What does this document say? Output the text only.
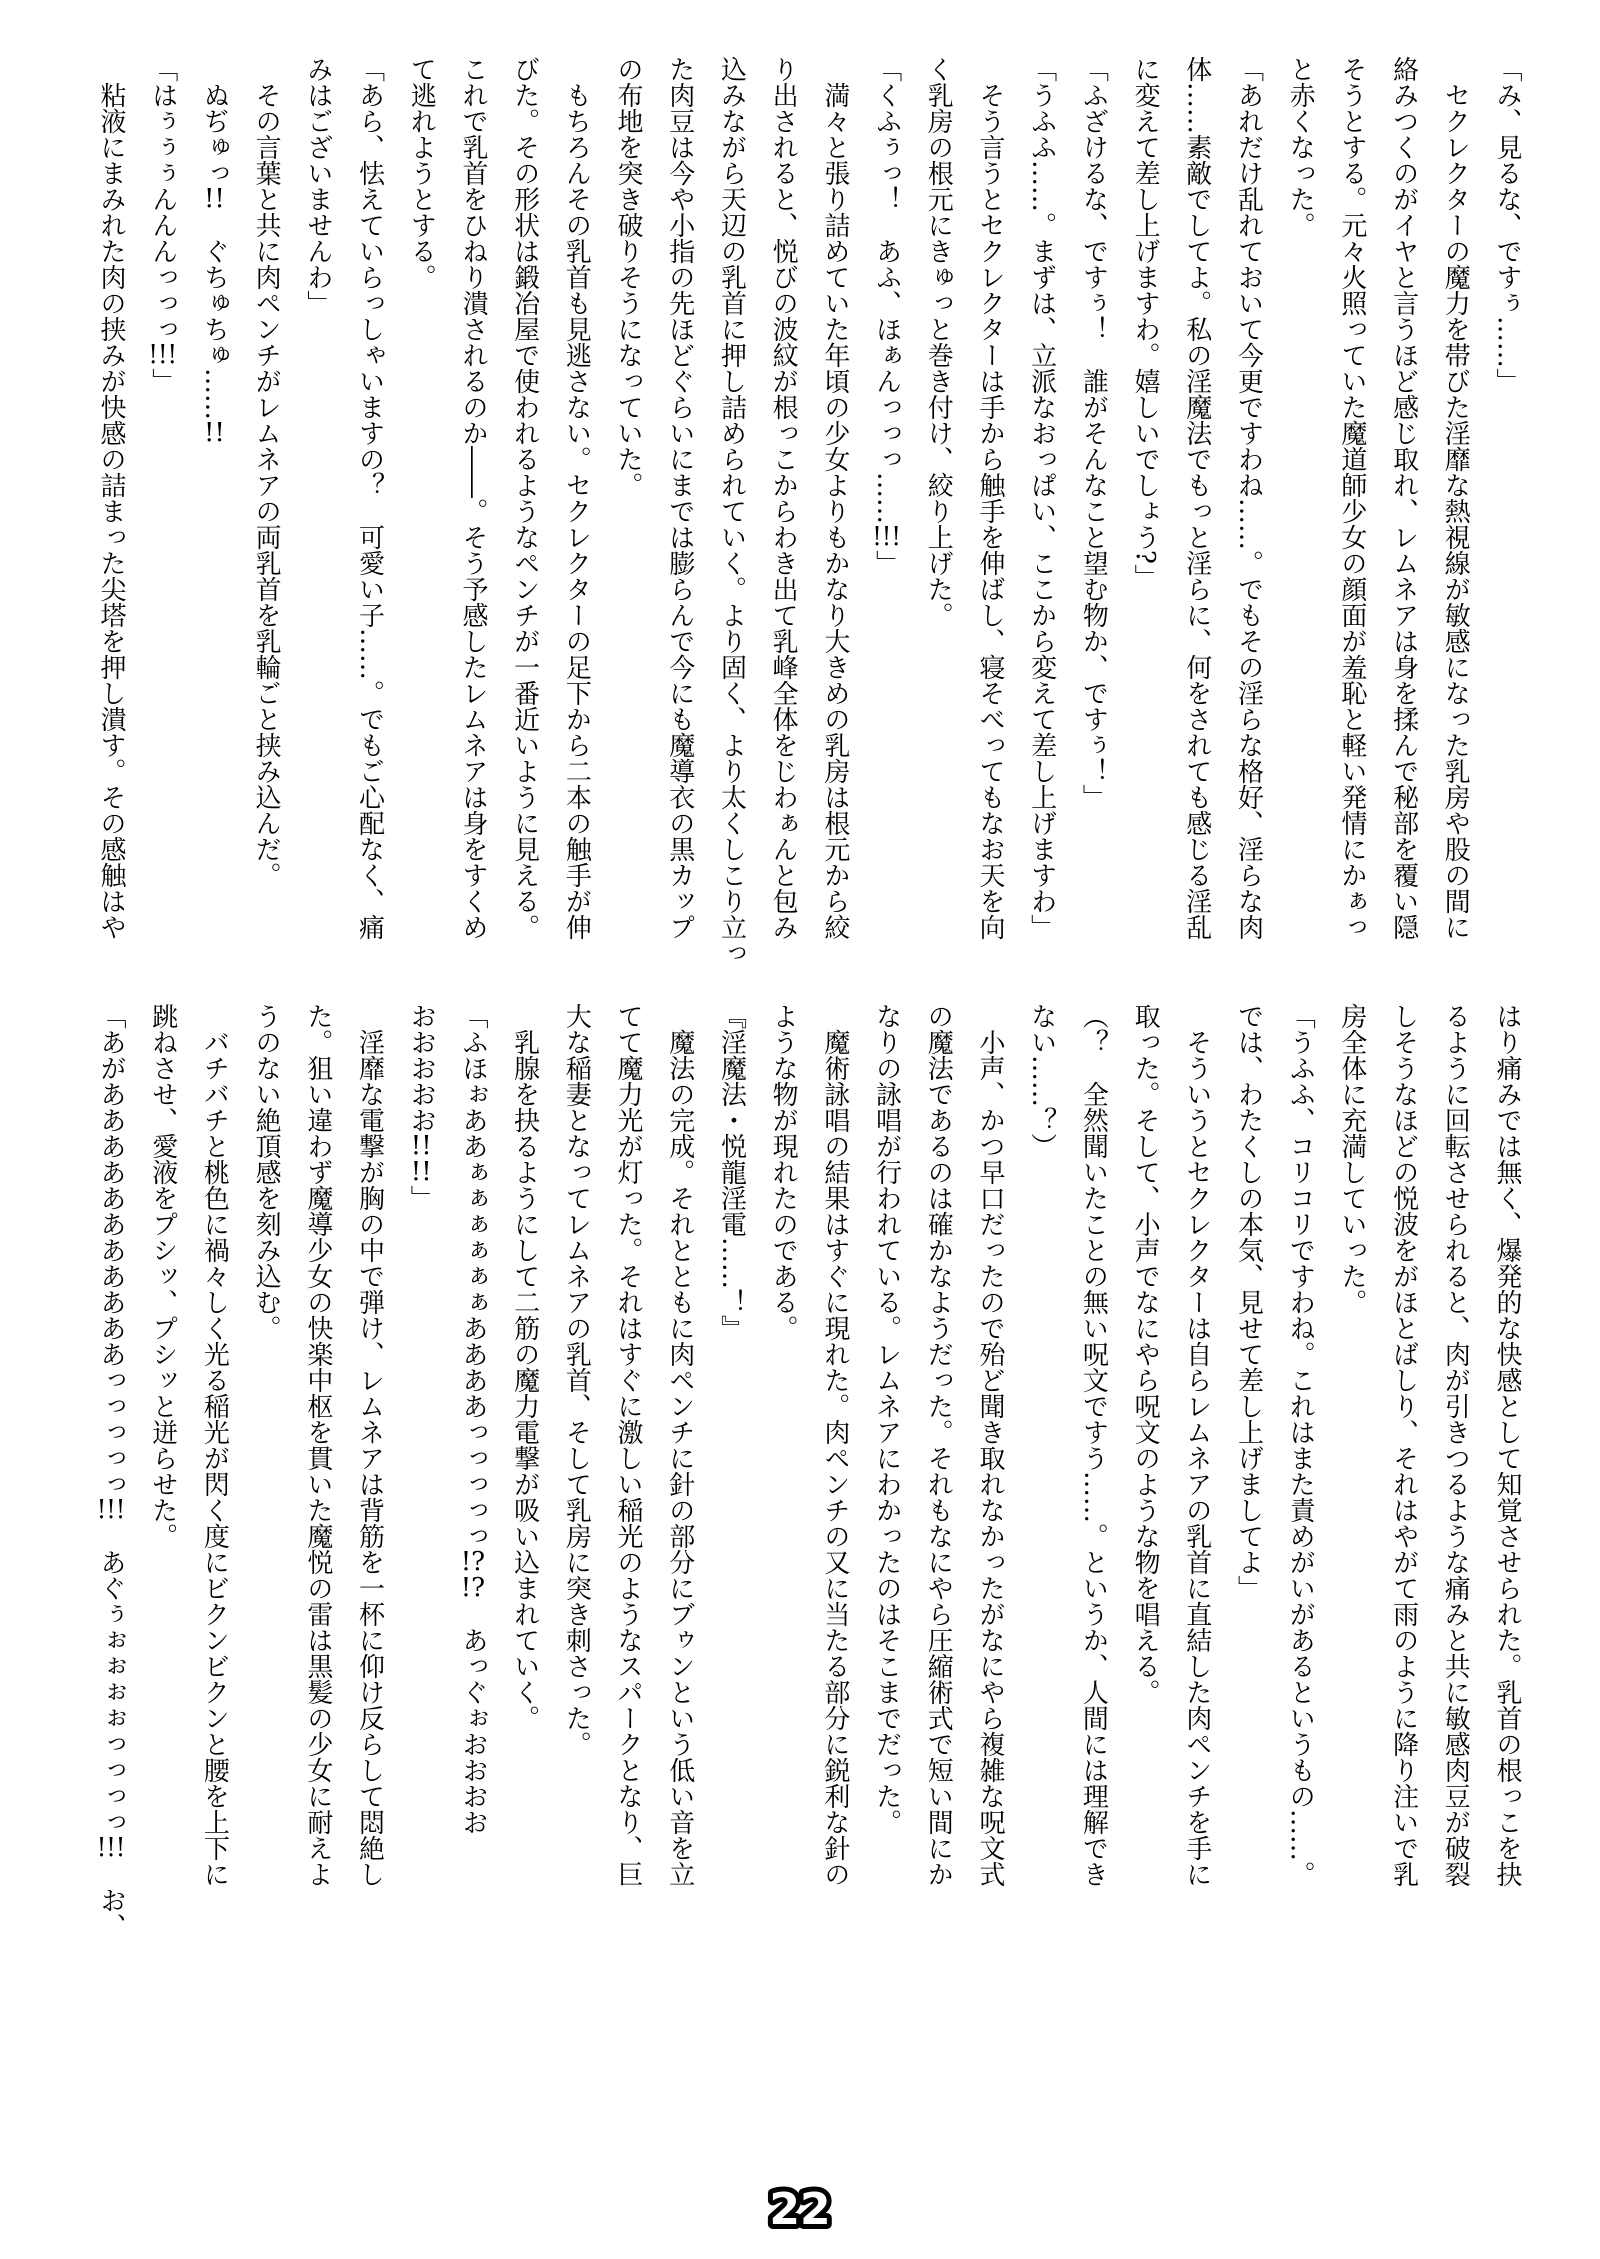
「み、見るな、ですぅ……」
　セクレクターの魔力を帯びた淫靡な熱視線が敏感になった乳房や股の間に
絡みつくのがイヤと言うほど感じ取れ、レムネアは身を揉んで秘部を覆い隠
そうとする。元々火照っていた魔道師少女の顔面が羞恥と軽い発情にかぁっ
と赤くなった。
「あれだけ乱れておいて今更ですわね……。でもその淫らな格好、淫らな肉
体……素敵でしてよ。私の淫魔法でもっと淫らに、何をされても感じる淫乱
に変えて差し上げますわ。嬉しいでしょう?」
「ふざけるな、ですぅ！　誰がそんなこと望む物か、ですぅ！」
「うふふ……。まずは、立派なおっぱい、ここから変えて差し上げますわ」
　そう言うとセクレクターは手から触手を伸ばし、寝そべってもなお天を向
く乳房の根元にきゅっと巻き付け、絞り上げた。
「くふぅっ！　あふ、ほぁんっっっ……!!!」
　満々と張り詰めていた年頃の少女よりもかなり大きめの乳房は根元から絞
り出されると、悦びの波紋が根っこからわき出て乳峰全体をじわぁんと包み
込みながら天辺の乳首に押し詰められていく。より固く、より太くしこり立っ
た肉豆は今や小指の先ほどぐらいにまでは膨らんで今にも魔導衣の黒カップ
の布地を突き破りそうになっていた。
　もちろんその乳首も見逃さない。セクレクターの足下から二本の触手が伸
びた。その形状は鍛冶屋で使われるようなペンチが一番近いように見える。
これで乳首をひねり潰されるのか――。そう予感したレムネアは身をすくめ
て逃れようとする。
「あら、怯えていらっしゃいますの？　可愛い子……。でもご心配なく、痛
みはございませんわ」
　その言葉と共に肉ペンチがレムネアの両乳首を乳輪ごと挟み込んだ。
　ぬぢゅっ!!　ぐちゅちゅ……!!
「はぅぅぅんんんっっっ!!!」
　粘液にまみれた肉の挟みが快感の詰まった尖塔を押し潰す。その感触はや
はり痛みでは無く、爆発的な快感として知覚させられた。乳首の根っこを抉
るように回転させられると、肉が引きつるような痛みと共に敏感肉豆が破裂
しそうなほどの悦波をがほとばしり、それはやがて雨のように降り注いで乳
房全体に充満していった。
「うふふ、コリコリですわね。これはまた責めがいがあるというもの……。
では、わたくしの本気、見せて差し上げましてよ」
　そういうとセクレクターは自らレムネアの乳首に直結した肉ペンチを手に
取った。そして、小声でなにやら呪文のような物を唱える。
（？　全然聞いたことの無い呪文ですう……。というか、人間には理解でき
ない……？）
　小声、かつ早口だったので殆ど聞き取れなかったがなにやら複雑な呪文式
の魔法であるのは確かなようだった。それもなにやら圧縮術式で短い間にか
なりの詠唱が行われている。レムネアにわかったのはそこまでだった。
　魔術詠唱の結果はすぐに現れた。肉ペンチの又に当たる部分に鋭利な針の
ような物が現れたのである。
『淫魔法・悦龍淫電……！』
　魔法の完成。それとともに肉ペンチに針の部分にブゥンという低い音を立
てて魔力光が灯った。それはすぐに激しい稲光のようなスパークとなり、巨
大な稲妻となってレムネアの乳首、そして乳房に突き刺さった。
　乳腺を抉るようにして二筋の魔力電撃が吸い込まれていく。
「ふほぉああぁぁぁぁぁぁああああっっっっっ!?!?　あっぐぉおおおお
おおおおお!!!!」
　淫靡な電撃が胸の中で弾け、レムネアは背筋を一杯に仰け反らして悶絶し
た。狙い違わず魔導少女の快楽中枢を貫いた魔悦の雷は黒髪の少女に耐えよ
うのない絶頂感を刻み込む。
　バチバチと桃色に禍々しく光る稲光が閃く度にビクンビクンと腰を上下に
跳ねさせ、愛液をプシッ、プシッと迸らせた。
「あがあああああああああああっっっっっ!!!　あぐぅぉぉぉぉっっっっ!!!　お、
22
